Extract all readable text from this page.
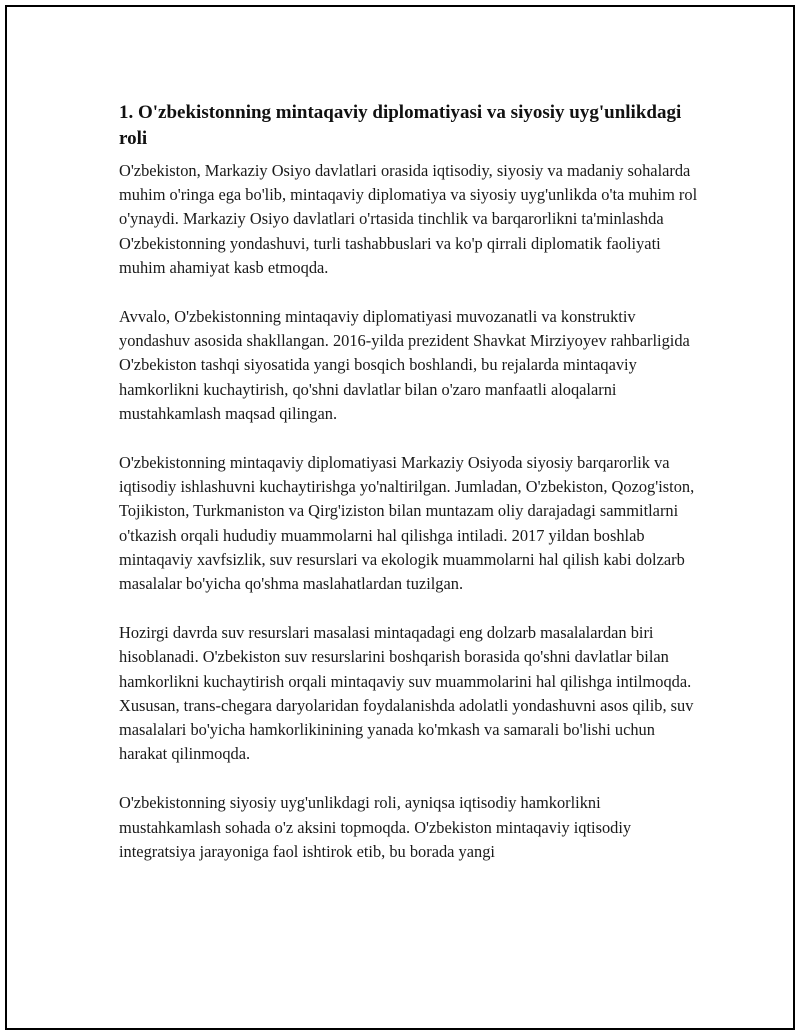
1. O'zbekistonning mintaqaviy diplomatiyasi va siyosiy uyg'unlikdagi roli

O'zbekiston, Markaziy Osiyo davlatlari orasida iqtisodiy, siyosiy va madaniy sohalarda muhim o'ringa ega bo'lib, mintaqaviy diplomatiya va siyosiy uyg'unlikda o'ta muhim rol o'ynaydi. Markaziy Osiyo davlatlari o'rtasida tinchlik va barqarorlikni ta'minlashda O'zbekistonning yondashuvi, turli tashabbuslari va ko'p qirrali diplomatik faoliyati muhim ahamiyat kasb etmoqda.

Avvalo, O'zbekistonning mintaqaviy diplomatiyasi muvozanatli va konstruktiv yondashuv asosida shakllangan. 2016-yilda prezident Shavkat Mirziyoyev rahbarligida O'zbekiston tashqi siyosatida yangi bosqich boshlandi, bu rejalarda mintaqaviy hamkorlikni kuchaytirish, qo'shni davlatlar bilan o'zaro manfaatli aloqalarni mustahkamlash maqsad qilingan.

O'zbekistonning mintaqaviy diplomatiyasi Markaziy Osiyoda siyosiy barqarorlik va iqtisodiy ishlashuvni kuchaytirishga yo'naltirilgan. Jumladan, O'zbekiston, Qozog'iston, Tojikiston, Turkmaniston va Qirg'iziston bilan muntazam oliy darajadagi sammitlarni o'tkazish orqali hududiy muammolarni hal qilishga intiladi. 2017 yildan boshlab mintaqaviy xavfsizlik, suv resurslari va ekologik muammolarni hal qilish kabi dolzarb masalalar bo'yicha qo'shma maslahatlardan tuzilgan.

Hozirgi davrda suv resurslari masalasi mintaqadagi eng dolzarb masalalardan biri hisoblanadi. O'zbekiston suv resurslarini boshqarish borasida qo'shni davlatlar bilan hamkorlikni kuchaytirish orqali mintaqaviy suv muammolarini hal qilishga intilmoqda. Xususan, trans-chegara daryolaridan foydalanishda adolatli yondashuvni asos qilib, suv masalalari bo'yicha hamkorlikinining yanada ko'mkash va samarali bo'lishi uchun harakat qilinmoqda.

O'zbekistonning siyosiy uyg'unlikdagi roli, ayniqsa iqtisodiy hamkorlikni mustahkamlash sohada o'z aksini topmoqda. O'zbekiston mintaqaviy iqtisodiy integratsiya jarayoniga faol ishtirok etib, bu borada yangi
